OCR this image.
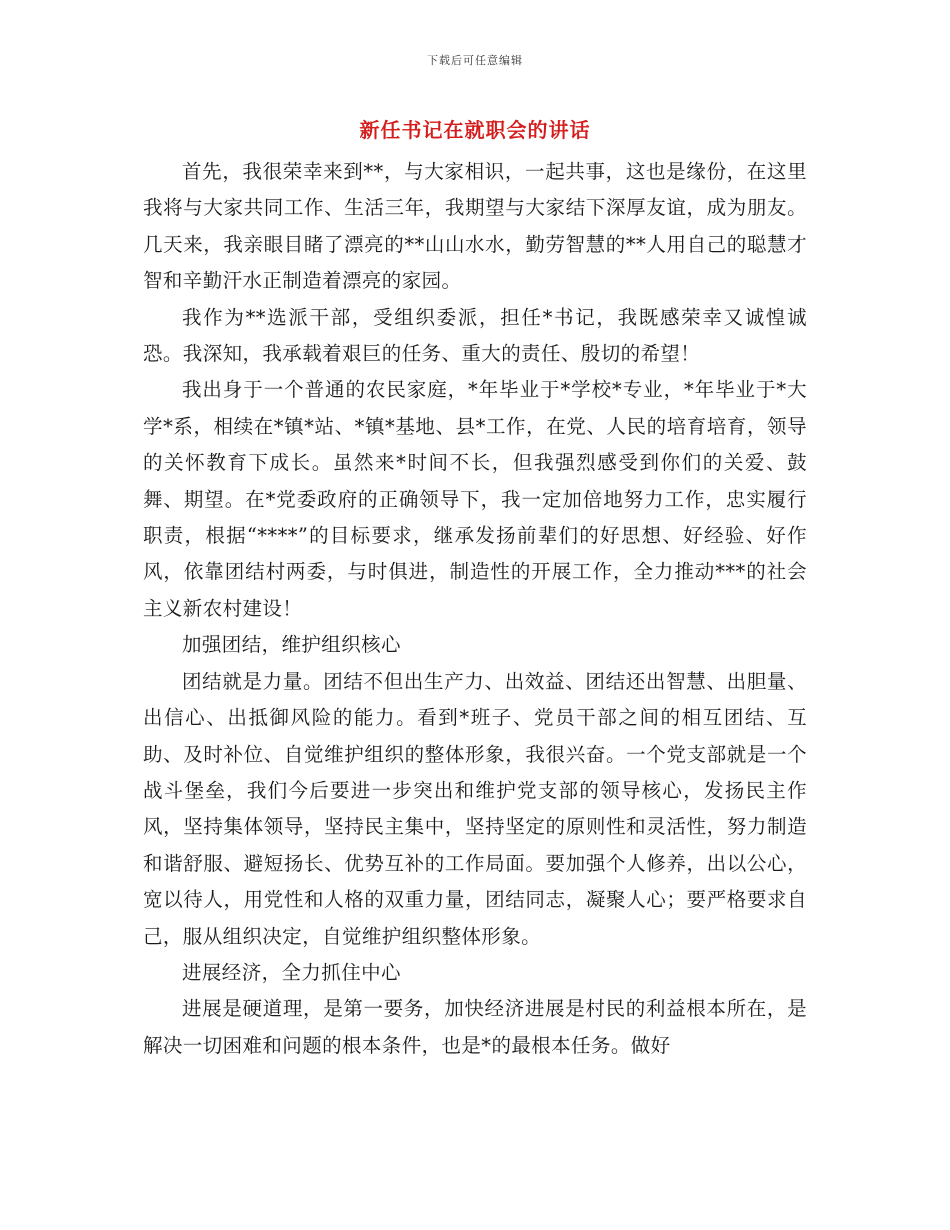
下载后可任意编辑
新任书记在就职会的讲话

首先，我很荣幸来到**，与大家相识，一起共事，这也是缘份，在这里我将与大家共同工作、生活三年，我期望与大家结下深厚友谊，成为朋友。几天来，我亲眼目睹了漂亮的**山山水水，勤劳智慧的**人用自己的聪慧才智和辛勤汗水正制造着漂亮的家园。

我作为**选派干部，受组织委派，担任*书记，我既感荣幸又诚惶诚恐。我深知，我承载着艰巨的任务、重大的责任、殷切的希望！

我出身于一个普通的农民家庭，*年毕业于*学校*专业，*年毕业于*大学*系，相续在*镇*站、*镇*基地、县*工作，在党、人民的培育培育，领导的关怀教育下成长。虽然来*时间不长，但我强烈感受到你们的关爱、鼓舞、期望。在*党委政府的正确领导下，我一定加倍地努力工作，忠实履行职责，根据“****”的目标要求，继承发扬前辈们的好思想、好经验、好作风，依靠团结村两委，与时俱进，制造性的开展工作，全力推动***的社会主义新农村建设！

加强团结，维护组织核心

团结就是力量。团结不但出生产力、出效益、团结还出智慧、出胆量、出信心、出抵御风险的能力。看到*班子、党员干部之间的相互团结、互助、及时补位、自觉维护组织的整体形象，我很兴奋。一个党支部就是一个战斗堡垒，我们今后要进一步突出和维护党支部的领导核心，发扬民主作风，坚持集体领导，坚持民主集中，坚持坚定的原则性和灵活性，努力制造和谐舒服、避短扬长、优势互补的工作局面。要加强个人修养，出以公心，宽以待人，用党性和人格的双重力量，团结同志，凝聚人心；要严格要求自己，服从组织决定，自觉维护组织整体形象。

进展经济，全力抓住中心

进展是硬道理，是第一要务，加快经济进展是村民的利益根本所在，是解决一切困难和问题的根本条件，也是*的最根本任务。做好
